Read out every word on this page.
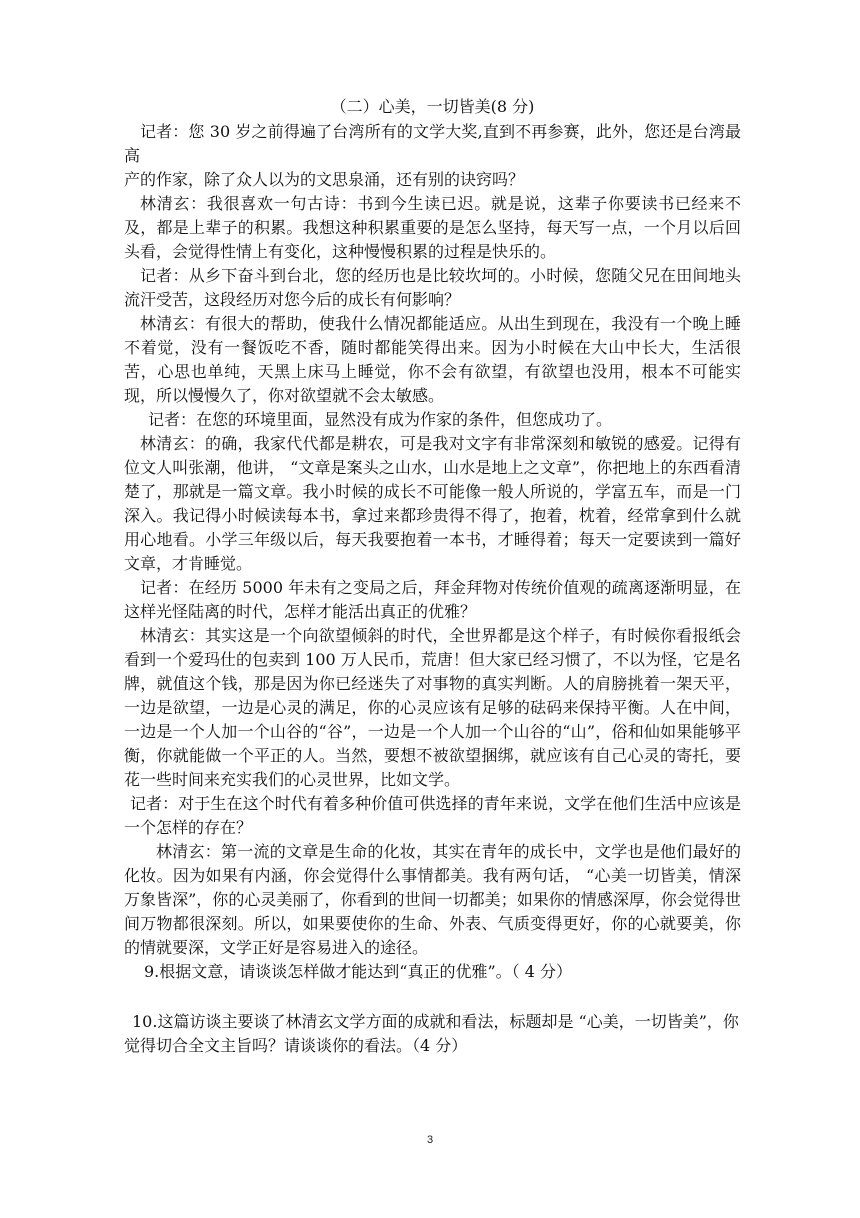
（二）心美，一切皆美(8 分)

记者：您 30 岁之前得遍了台湾所有的文学大奖,直到不再参赛，此外，您还是台湾最高

产的作家，除了众人以为的文思泉涌，还有别的诀窍吗？

林清玄：我很喜欢一句古诗：书到今生读已迟。就是说，这辈子你要读书已经来不及，都是上辈子的积累。我想这种积累重要的是怎么坚持，每天写一点，一个月以后回头看，会觉得性情上有变化，这种慢慢积累的过程是快乐的。

记者：从乡下奋斗到台北，您的经历也是比较坎坷的。小时候，您随父兄在田间地头流汗受苦，这段经历对您今后的成长有何影响？

林清玄：有很大的帮助，使我什么情况都能适应。从出生到现在，我没有一个晚上睡不着觉，没有一餐饭吃不香，随时都能笑得出来。因为小时候在大山中长大，生活很苦，心思也单纯，天黑上床马上睡觉，你不会有欲望，有欲望也没用，根本不可能实现，所以慢慢久了，你对欲望就不会太敏感。

记者：在您的环境里面，显然没有成为作家的条件，但您成功了。

林清玄：的确，我家代代都是耕农，可是我对文字有非常深刻和敏锐的感爱。记得有位文人叫张潮，他讲， “文章是案头之山水，山水是地上之文章”，你把地上的东西看清楚了，那就是一篇文章。我小时候的成长不可能像一般人所说的，学富五车，而是一门深入。我记得小时候读每本书，拿过来都珍贵得不得了，抱着，枕着，经常拿到什么就用心地看。小学三年级以后，每天我要抱着一本书，才睡得着；每天一定要读到一篇好文章，才肯睡觉。

记者：在经历 5000 年未有之变局之后，拜金拜物对传统价值观的疏离逐渐明显，在这样光怪陆离的时代，怎样才能活出真正的优雅？

林清玄：其实这是一个向欲望倾斜的时代，全世界都是这个样子，有时候你看报纸会看到一个爱玛仕的包卖到 100 万人民币，荒唐！但大家已经习惯了，不以为怪，它是名牌，就值这个钱，那是因为你已经迷失了对事物的真实判断。人的肩膀挑着一架天平，一边是欲望，一边是心灵的满足，你的心灵应该有足够的砝码来保持平衡。人在中间，一边是一个人加一个山谷的“谷”，一边是一个人加一个山谷的“山”，俗和仙如果能够平衡，你就能做一个平正的人。当然，要想不被欲望捆绑，就应该有自己心灵的寄托，要花一些时间来充实我们的心灵世界，比如文学。

记者：对于生在这个时代有着多种价值可供选择的青年来说，文学在他们生活中应该是一个怎样的存在？

林清玄：第一流的文章是生命的化妆，其实在青年的成长中，文学也是他们最好的化妆。因为如果有内涵，你会觉得什么事情都美。我有两句话， “心美一切皆美，情深万象皆深”，你的心灵美丽了，你看到的世间一切都美；如果你的情感深厚，你会觉得世间万物都很深刻。所以，如果要使你的生命、外表、气质变得更好，你的心就要美，你的情就要深，文学正好是容易进入的途径。

9.根据文意，请谈谈怎样做才能达到“真正的优雅”。（ 4 分）

10.这篇访谈主要谈了林清玄文学方面的成就和看法，标题却是 “心美，一切皆美”，你觉得切合全文主旨吗？请谈谈你的看法。（4 分）

3
